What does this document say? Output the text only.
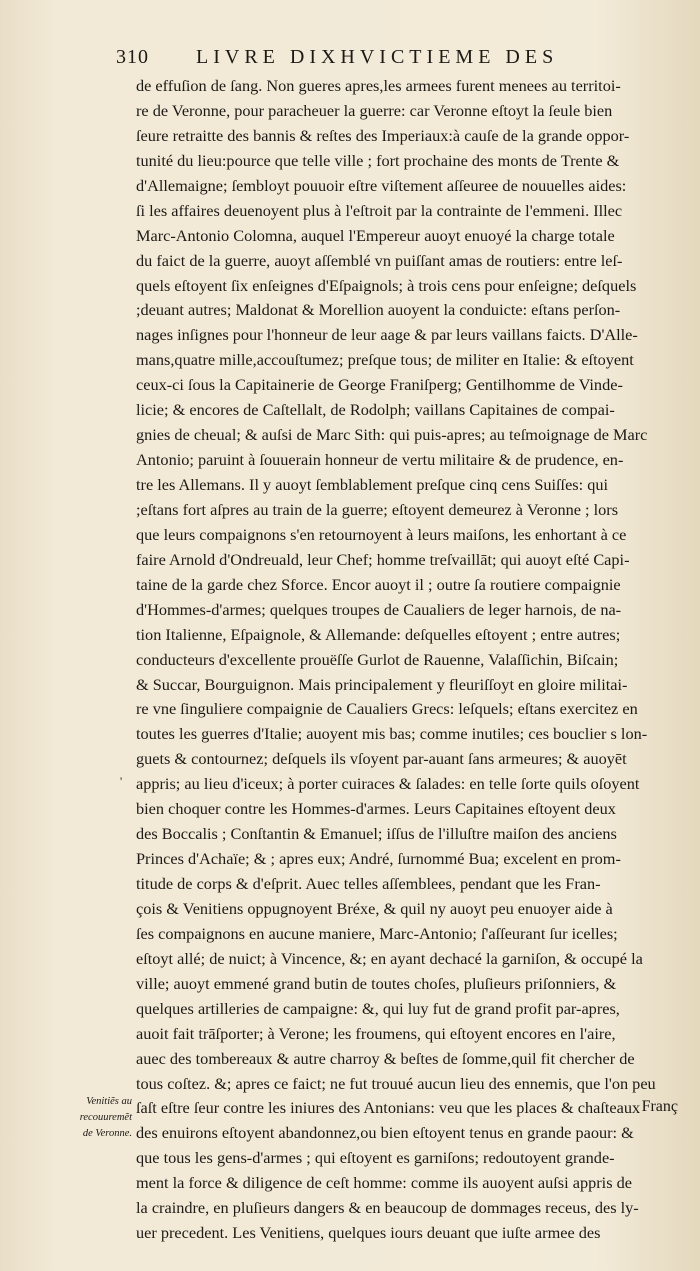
310 LIVRE DIXHVICTIEME DES
'
de effuſion de ſang. Non gueres apres,les armees furent menees au territoi-
re de Veronne, pour paracheuer la guerre: car Veronne eſtoyt la ſeule bien
ſeure retraitte des bannis & reſtes des Imperiaux:à cauſe de la grande oppor-
tunité du lieu:pource que telle ville ; fort prochaine des monts de Trente &
d'Allemaigne; ſembloyt pouuoir eſtre viſtement aſſeuree de nouuelles aides:
ſi les affaires deuenoyent plus à l'eſtroit par la contrainte de l'emmeni. Illec
Marc-Antonio Colomna, auquel l'Empereur auoyt enuoyé la charge totale
du faict de la guerre, auoyt aſſemblé vn puiſſant amas de routiers: entre leſ-
quels eſtoyent ſix enſeignes d'Eſpaignols; à trois cens pour enſeigne; deſquels
;deuant autres; Maldonat & Morellion auoyent la conduicte: eſtans perſon-
nages inſignes pour l'honneur de leur aage & par leurs vaillans faicts. D'Alle-
mans,quatre mille,accouſtumez; preſque tous; de militer en Italie: & eſtoyent
ceux-ci ſous la Capitainerie de George Franiſperg; Gentilhomme de Vinde-
licie; & encores de Caſtellalt, de Rodolph; vaillans Capitaines de compai-
gnies de cheual; & auſsi de Marc Sith: qui puis-apres; au teſmoignage de Marc
Antonio; paruint à ſouuerain honneur de vertu militaire & de prudence, en-
tre les Allemans. Il y auoyt ſemblablement preſque cinq cens Suiſſes: qui
;eſtans fort aſpres au train de la guerre; eſtoyent demeurez à Veronne ; lors
que leurs compaignons s'en retournoyent à leurs maiſons, les enhortant à ce
faire Arnold d'Ondreuald, leur Chef; homme treſvaillāt; qui auoyt eſté Capi-
taine de la garde chez Sforce. Encor auoyt il ; outre ſa routiere compaignie
d'Hommes-d'armes; quelques troupes de Caualiers de leger harnois, de na-
tion Italienne, Eſpaignole, & Allemande: deſquelles eſtoyent ; entre autres;
conducteurs d'excellente prouëſſe Gurlot de Rauenne, Valaſſichin, Biſcain;
& Succar, Bourguignon. Mais principalement y fleuriſſoyt en gloire militai-
re vne ſinguliere compaignie de Caualiers Grecs: leſquels; eſtans exercitez en
toutes les guerres d'Italie; auoyent mis bas; comme inutiles; ces bouclier s lon-
guets & contournez; deſquels ils vſoyent par-auant ſans armeures; & auoyēt
appris; au lieu d'iceux; à porter cuiraces & ſalades: en telle ſorte quils oſoyent
bien choquer contre les Hommes-d'armes. Leurs Capitaines eſtoyent deux
des Boccalis ; Conſtantin & Emanuel; iſſus de l'illuſtre maiſon des anciens
Princes d'Achaïe; & ; apres eux; André, ſurnommé Bua; excelent en prom-
titude de corps & d'eſprit. Auec telles aſſemblees, pendant que les Fran-
çois & Venitiens oppugnoyent Bréxe, & quil ny auoyt peu enuoyer aide à
ſes compaignons en aucune maniere, Marc-Antonio; ſ'aſſeurant ſur icelles;
eſtoyt allé; de nuict; à Vincence, &; en ayant dechacé la garniſon, & occupé la
ville; auoyt emmené grand butin de toutes choſes, pluſieurs priſonniers, &
quelques artilleries de campaigne: &, qui luy fut de grand profit par-apres,
auoit fait trāſporter; à Verone; les froumens, qui eſtoyent encores en l'aire,
auec des tombereaux & autre charroy & beſtes de ſomme,quil fit chercher de
tous coſtez. &; apres ce faict; ne fut trouué aucun lieu des ennemis, que l'on peu
ſaſt eſtre ſeur contre les iniures des Antonians: veu que les places & chaſteaux
des enuirons eſtoyent abandonnez,ou bien eſtoyent tenus en grande paour: &
que tous les gens-d'armes ; qui eſtoyent es garniſons; redoutoyent grande-
ment la force & diligence de ceſt homme: comme ils auoyent auſsi appris de
la craindre, en pluſieurs dangers & en beaucoup de dommages receus, des ly-
uer precedent. Les Venitiens, quelques iours deuant que iuſte armee des
Venitiẽs au
recouuremẽt
de Veronne.
Franç
